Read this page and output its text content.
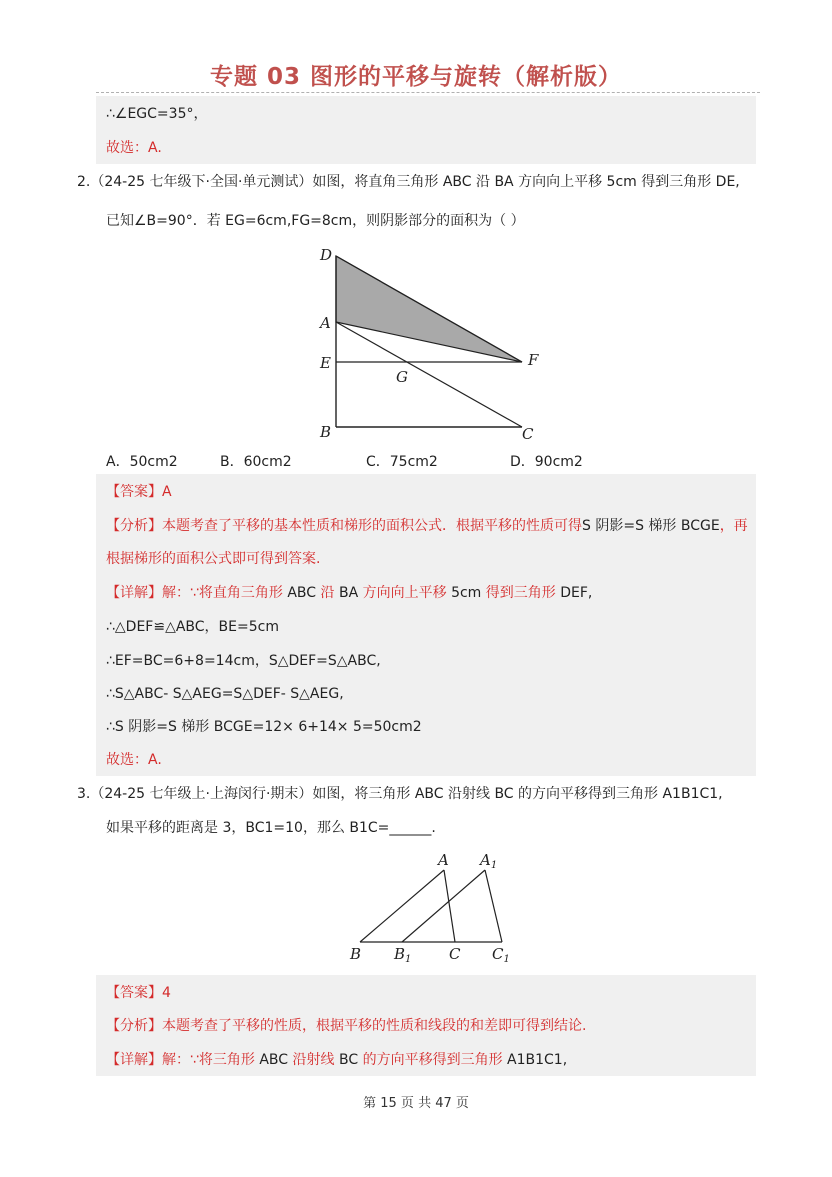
专题 03 图形的平移与旋转（解析版）
∴∠EGC=35°，
故选：A.
2.（24-25 七年级下·全国·单元测试）如图，将直角三角形 ABC 沿 BA 方向向上平移 5cm 得到三角形 DE,
已知∠B=90°．若 EG=6cm,FG=8cm，则阴影部分的面积为（ ）
D
A
E
G
F
B	C
A．50cm2	B．60cm2	C．75cm2	D．90cm2
【答案】A
【分析】本题考查了平移的基本性质和梯形的面积公式．根据平移的性质可得S 阴影=S 梯形 BCGE，再
根据梯形的面积公式即可得到答案.
【详解】解：∵将直角三角形 ABC 沿 BA 方向向上平移 5cm 得到三角形 DEF,
∴△DEF≌△ABC，BE=5cm
∴EF=BC=6+8=14cm，S△DEF=S△ABC,
∴S△ABC- S△AEG=S△DEF- S△AEG,
∴S 阴影=S 梯形 BCGE=12× 6+14× 5=50cm2
故选：A.
3.（24-25 七年级上·上海闵行·期末）如图，将三角形 ABC 沿射线 BC 的方向平移得到三角形 A1B1C1,
如果平移的距离是 3，BC1=10，那么 B1C=______.
A $A_1$
B $B_1$	C $C_1$
【答案】4
【分析】本题考查了平移的性质，根据平移的性质和线段的和差即可得到结论.
【详解】解：∵将三角形 ABC 沿射线 BC 的方向平移得到三角形 A1B1C1,
第 15 页 共 47 页
